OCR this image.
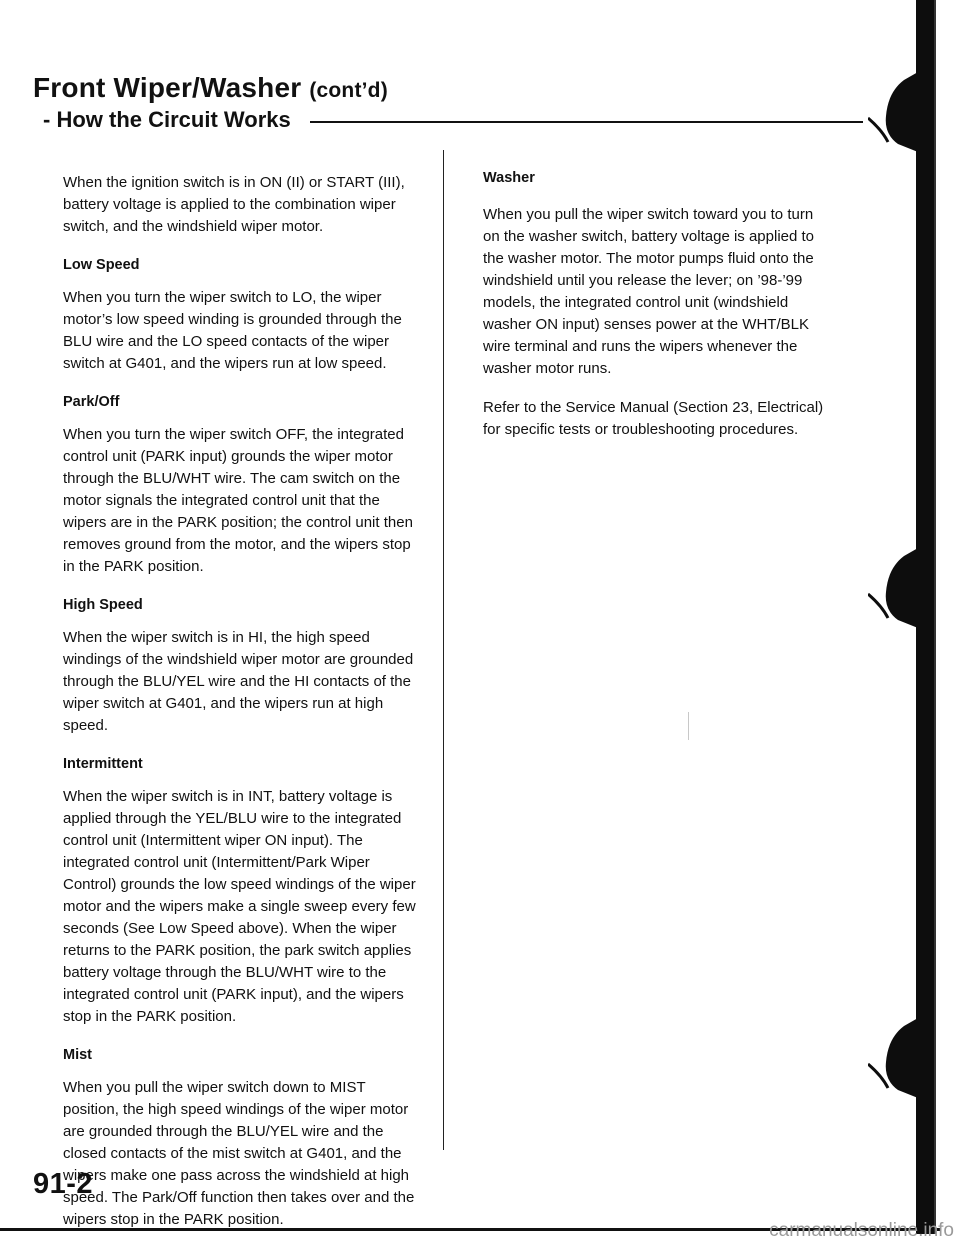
Front Wiper/Washer (cont’d)
- How the Circuit Works

When the ignition switch is in ON (II) or START (III), battery voltage is applied to the combination wiper switch, and the windshield wiper motor.

Low Speed

When you turn the wiper switch to LO, the wiper motor’s low speed winding is grounded through the BLU wire and the LO speed contacts of the wiper switch at G401, and the wipers run at low speed.

Park/Off

When you turn the wiper switch OFF, the integrated control unit (PARK input) grounds the wiper motor through the BLU/WHT wire. The cam switch on the motor signals the integrated control unit that the wipers are in the PARK position; the control unit then removes ground from the motor, and the wipers stop in the PARK position.

High Speed

When the wiper switch is in HI, the high speed windings of the windshield wiper motor are grounded through the BLU/YEL wire and the HI contacts of the wiper switch at G401, and the wipers run at high speed.

Intermittent

When the wiper switch is in INT, battery voltage is applied through the YEL/BLU wire to the integrated control unit (Intermittent wiper ON input). The integrated control unit (Intermittent/Park Wiper Control) grounds the low speed windings of the wiper motor and the wipers make a single sweep every few seconds (See Low Speed above). When the wiper returns to the PARK position, the park switch applies battery voltage through the BLU/WHT wire to the integrated control unit (PARK input), and the wipers stop in the PARK position.

Mist

When you pull the wiper switch down to MIST position, the high speed windings of the wiper motor are grounded through the BLU/YEL wire and the closed contacts of the mist switch at G401, and the wipers make one pass across the windshield at high speed. The Park/Off function then takes over and the wipers stop in the PARK position.

Washer

When you pull the wiper switch toward you to turn on the washer switch, battery voltage is applied to the washer motor. The motor pumps fluid onto the windshield until you release the lever; on ’98-’99 models, the integrated control unit (windshield washer ON input) senses power at the WHT/BLK wire terminal and runs the wipers whenever the washer motor runs.

Refer to the Service Manual (Section 23, Electrical) for specific tests or troubleshooting procedures.

91-2
carmanualsonline.info
